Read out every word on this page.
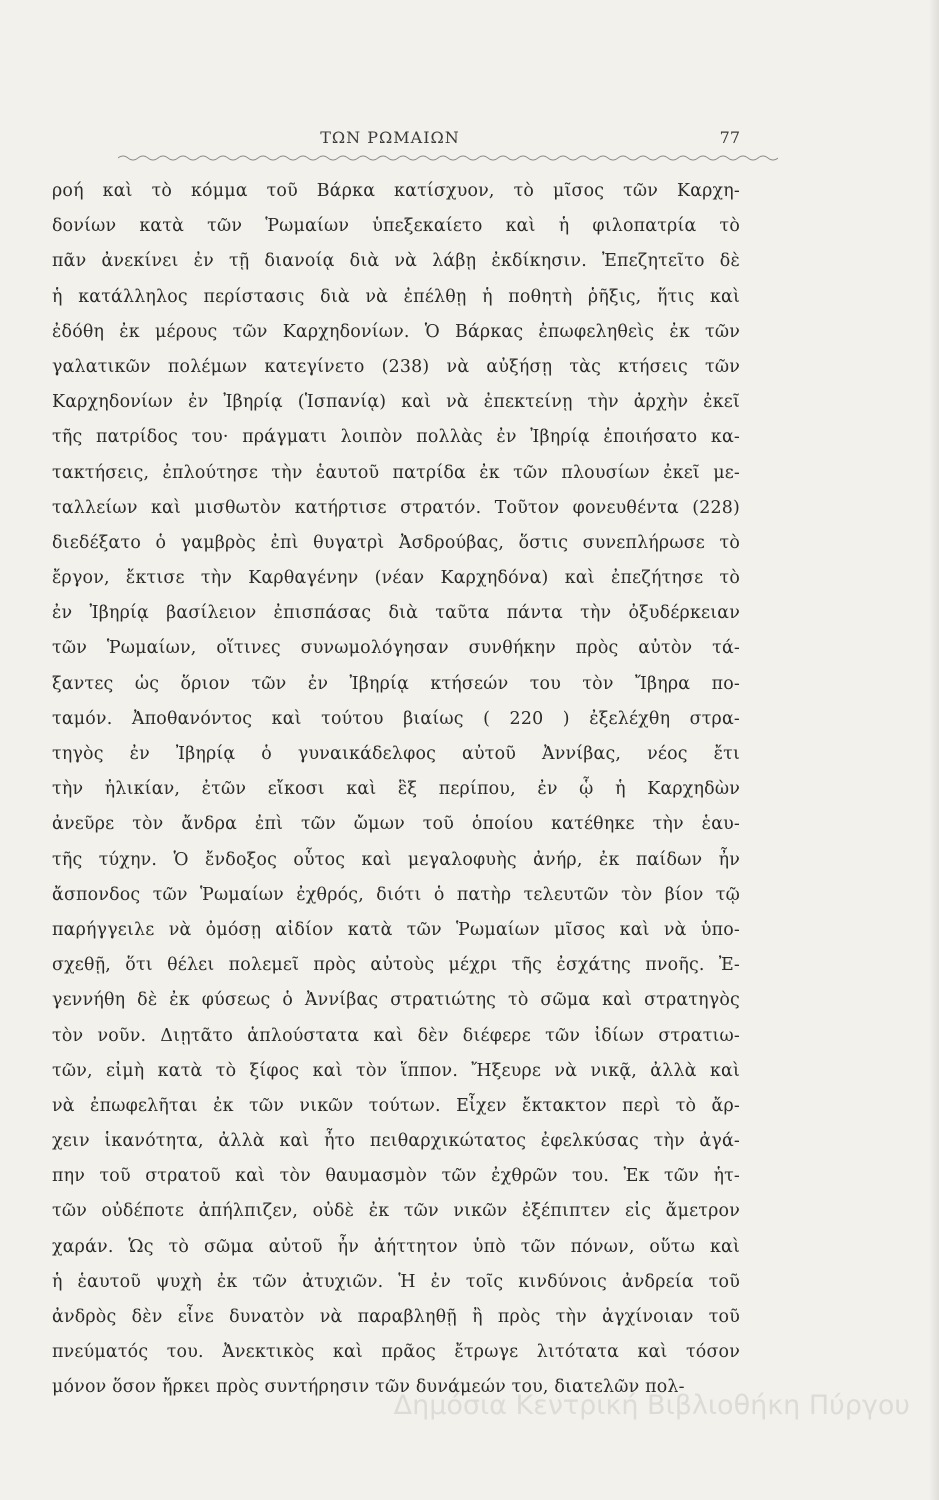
ΤΩΝ ΡΩΜΑΙΩΝ	77
ροή καὶ τὸ κόμμα τοῦ Βάρκα κατίσχυον, τὸ μῖσος τῶν Καρχη-
δονίων κατὰ τῶν Ῥωμαίων ὑπεξεκαίετο καὶ ἡ φιλοπατρία τὸ
πᾶν ἀνεκίνει ἐν τῇ διανοίᾳ διὰ νὰ λάβῃ ἐκδίκησιν. Ἐπεζητεῖτο δὲ
ἡ κατάλληλος περίστασις διὰ νὰ ἐπέλθῃ ἡ ποθητὴ ῥῆξις, ἥτις καὶ
ἐδόθη ἐκ μέρους τῶν Καρχηδονίων. Ὁ Βάρκας ἐπωφεληθεὶς ἐκ τῶν
γαλατικῶν πολέμων κατεγίνετο (238) νὰ αὐξήσῃ τὰς κτήσεις τῶν
Καρχηδονίων ἐν Ἰβηρίᾳ (Ἱσπανίᾳ) καὶ νὰ ἐπεκτείνῃ τὴν ἀρχὴν ἐκεῖ
τῆς πατρίδος του· πράγματι λοιπὸν πολλὰς ἐν Ἰβηρίᾳ ἐποιήσατο κα-
τακτήσεις, ἐπλούτησε τὴν ἑαυτοῦ πατρίδα ἐκ τῶν πλουσίων ἐκεῖ με-
ταλλείων καὶ μισθωτὸν κατήρτισε στρατόν. Τοῦτον φονευθέντα (228)
διεδέξατο ὁ γαμβρὸς ἐπὶ θυγατρὶ Ἀσδρούβας, ὅστις συνεπλήρωσε τὸ
ἔργον, ἔκτισε τὴν Καρθαγένην (νέαν Καρχηδόνα) καὶ ἐπεζήτησε τὸ
ἐν Ἰβηρίᾳ βασίλειον ἐπισπάσας διὰ ταῦτα πάντα τὴν ὀξυδέρκειαν
τῶν Ῥωμαίων, οἵτινες συνωμολόγησαν συνθήκην πρὸς αὐτὸν τά-
ξαντες ὡς ὅριον τῶν ἐν Ἰβηρίᾳ κτήσεών του τὸν Ἴβηρα πο-
ταμόν. Ἀποθανόντος καὶ τούτου βιαίως ( 220 ) ἐξελέχθη στρα-
τηγὸς ἐν Ἰβηρίᾳ ὁ γυναικάδελφος αὐτοῦ Ἀννίβας, νέος ἔτι
τὴν ἡλικίαν, ἐτῶν εἴκοσι καὶ ἓξ περίπου, ἐν ᾧ ἡ Καρχηδὼν
ἀνεῦρε τὸν ἄνδρα ἐπὶ τῶν ὤμων τοῦ ὁποίου κατέθηκε τὴν ἑαυ-
τῆς τύχην. Ὁ ἔνδοξος οὗτος καὶ μεγαλοφυὴς ἀνήρ, ἐκ παίδων ἦν
ἄσπονδος τῶν Ῥωμαίων ἐχθρός, διότι ὁ πατὴρ τελευτῶν τὸν βίον τῷ
παρήγγειλε νὰ ὀμόσῃ αἰδίον κατὰ τῶν Ῥωμαίων μῖσος καὶ νὰ ὑπο-
σχεθῇ, ὅτι θέλει πολεμεῖ πρὸς αὐτοὺς μέχρι τῆς ἐσχάτης πνοῆς. Ἐ-
γεννήθη δὲ ἐκ φύσεως ὁ Ἀννίβας στρατιώτης τὸ σῶμα καὶ στρατηγὸς
τὸν νοῦν. Διῃτᾶτο ἁπλούστατα καὶ δὲν διέφερε τῶν ἰδίων στρατιω-
τῶν, εἰμὴ κατὰ τὸ ξίφος καὶ τὸν ἵππον. Ἤξευρε νὰ νικᾷ, ἀλλὰ καὶ
νὰ ἐπωφελῆται ἐκ τῶν νικῶν τούτων. Εἶχεν ἔκτακτον περὶ τὸ ἄρ-
χειν ἱκανότητα, ἀλλὰ καὶ ἦτο πειθαρχικώτατος ἐφελκύσας τὴν ἀγά-
πην τοῦ στρατοῦ καὶ τὸν θαυμασμὸν τῶν ἐχθρῶν του. Ἐκ τῶν ἡτ-
τῶν οὐδέποτε ἀπήλπιζεν, οὐδὲ ἐκ τῶν νικῶν ἐξέπιπτεν εἰς ἄμετρον
χαράν. Ὡς τὸ σῶμα αὐτοῦ ἦν ἀήττητον ὑπὸ τῶν πόνων, οὕτω καὶ
ἡ ἑαυτοῦ ψυχὴ ἐκ τῶν ἀτυχιῶν. Ἡ ἐν τοῖς κινδύνοις ἀνδρεία τοῦ
ἀνδρὸς δὲν εἶνε δυνατὸν νὰ παραβληθῇ ἢ πρὸς τὴν ἀγχίνοιαν τοῦ
πνεύματός του. Ἀνεκτικὸς καὶ πρᾶος ἔτρωγε λιτότατα καὶ τόσον
μόνον ὅσον ἤρκει πρὸς συντήρησιν τῶν δυνάμεών του, διατελῶν πολ-
Δημόσια Κεντρική Βιβλιοθήκη Πύργου
